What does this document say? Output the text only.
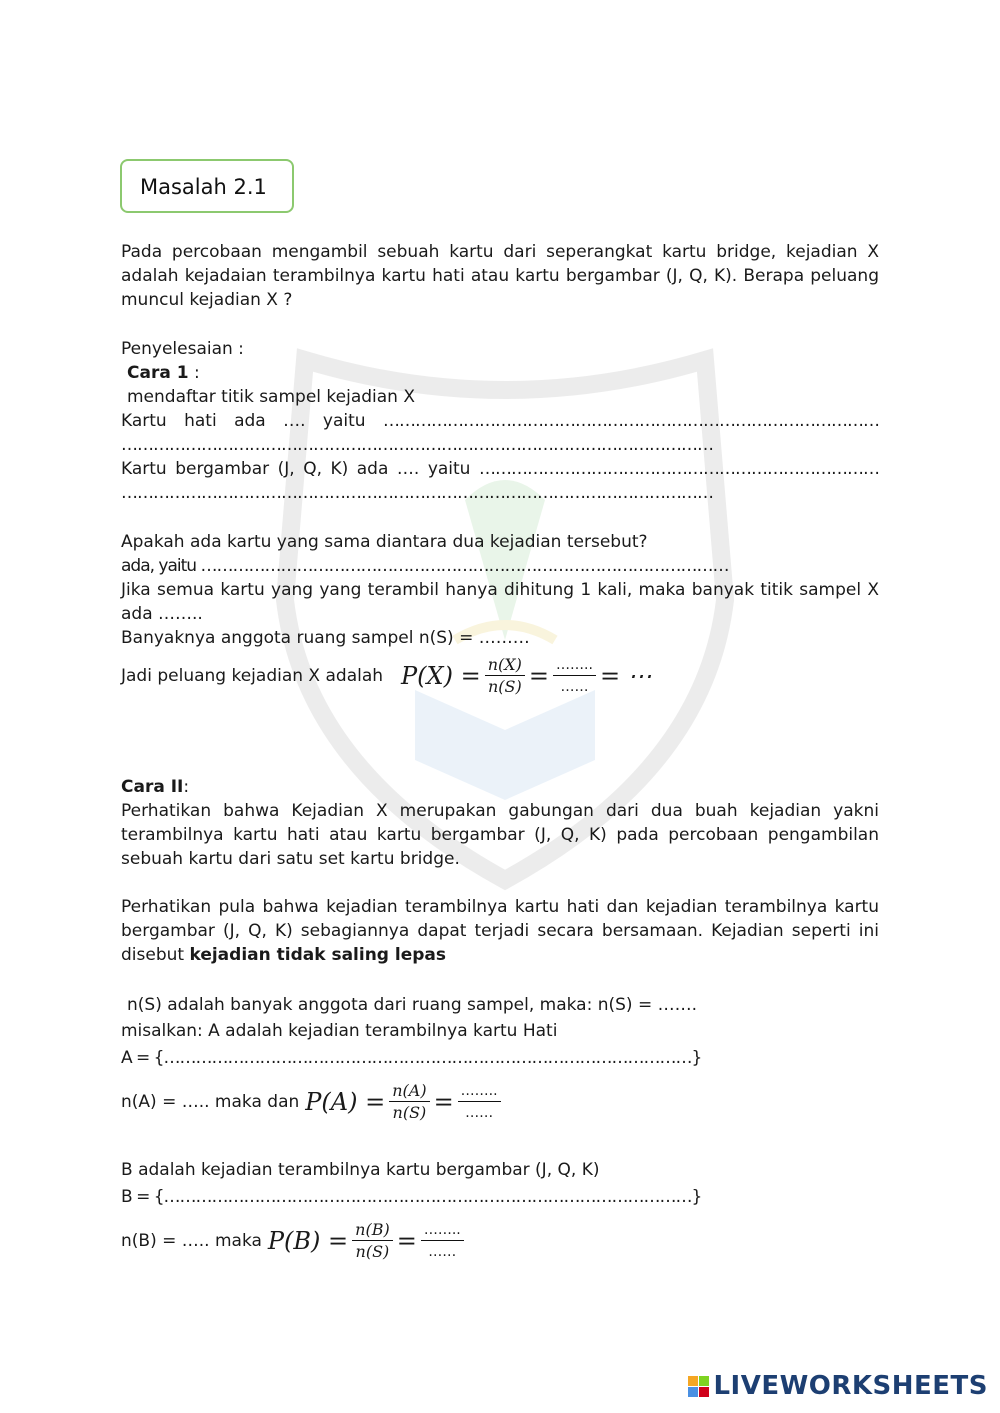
Masalah 2.1
Pada percobaan mengambil sebuah kartu dari seperangkat kartu bridge, kejadian X adalah kejadaian terambilnya kartu hati atau kartu bergambar (J, Q, K). Berapa peluang muncul kejadian X ?
Penyelesaian :
Cara 1 :
mendaftar titik sampel kejadian X
Kartu hati ada …. yaitu …………………………………………………………………………………
…………………………………………………………………………………………………
Kartu bergambar (J, Q, K) ada …. yaitu …………………………………………………………………
…………………………………………………………………………………………………
Apakah ada kartu yang sama diantara dua kejadian tersebut?
ada, yaitu ………………………………………………………………………………………
Jika semua kartu yang yang terambil hanya dihitung 1 kali, maka banyak titik sampel X ada ……..
Banyaknya anggota ruang sampel n(S) = ………
Jadi peluang kejadian X adalah $P(X) = \frac{n(X)}{n(S)} = \frac{\dots\dots..}{\dots\dots}$ = ⋯
Cara II:
Perhatikan bahwa Kejadian X merupakan gabungan dari dua buah kejadian yakni terambilnya kartu hati atau kartu bergambar (J, Q, K) pada percobaan pengambilan sebuah kartu dari satu set kartu bridge.
Perhatikan pula bahwa kejadian terambilnya kartu hati dan kejadian terambilnya kartu bergambar (J, Q, K) sebagiannya dapat terjadi secara bersamaan. Kejadian seperti ini disebut kejadian tidak saling lepas
n(S) adalah banyak anggota dari ruang sampel, maka: n(S) = …….
misalkan: A adalah kejadian terambilnya kartu Hati
A = {………………………………………………………………………………………}
n(A) = ….. maka dan $P(A) = \frac{n(A)}{n(S)} = \frac{\dots\dots..}{\dots\dots}$
B adalah kejadian terambilnya kartu bergambar (J, Q, K)
B = {………………………………………………………………………………………}
n(B) = ….. maka $P(B) = \frac{n(B)}{n(S)} = \frac{\dots\dots..}{\dots\dots}$
LIVEWORKSHEETS
